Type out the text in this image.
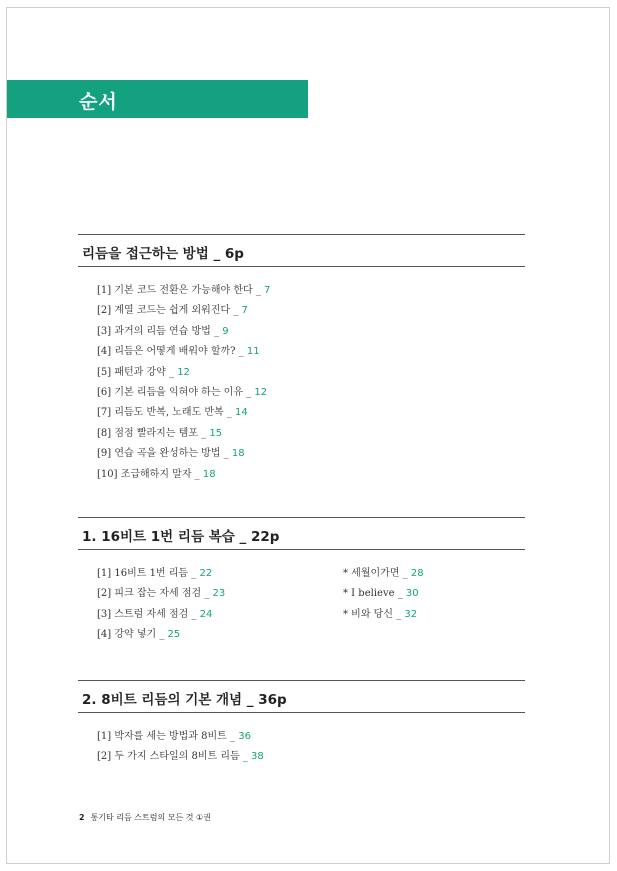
순서
리듬을 접근하는 방법 _ 6p
[1] 기본 코드 전환은 가능해야 한다 _ 7
[2] 계열 코드는 쉽게 외워진다 _ 7
[3] 과거의 리듬 연습 방법 _ 9
[4] 리듬은 어떻게 배워야 할까? _ 11
[5] 패턴과 강약 _ 12
[6] 기본 리듬을 익혀야 하는 이유 _ 12
[7] 리듬도 반복, 노래도 반복 _ 14
[8] 점점 빨라지는 템포 _ 15
[9] 연습 곡을 완성하는 방법 _ 18
[10] 조급해하지 말자 _ 18
1. 16비트 1번 리듬 복습 _ 22p
[1] 16비트 1번 리듬 _ 22
[2] 피크 잡는 자세 점검 _ 23
[3] 스트럼 자세 점검 _ 24
[4] 강약 넣기 _ 25
* 세월이가면 _ 28
* I believe _ 30
* 비와 당신 _ 32
2. 8비트 리듬의 기본 개념 _ 36p
[1] 박자를 세는 방법과 8비트 _ 36
[2] 두 가지 스타일의 8비트 리듬 _ 38
2 통기타 리듬 스트럼의 모든 것 ①권
